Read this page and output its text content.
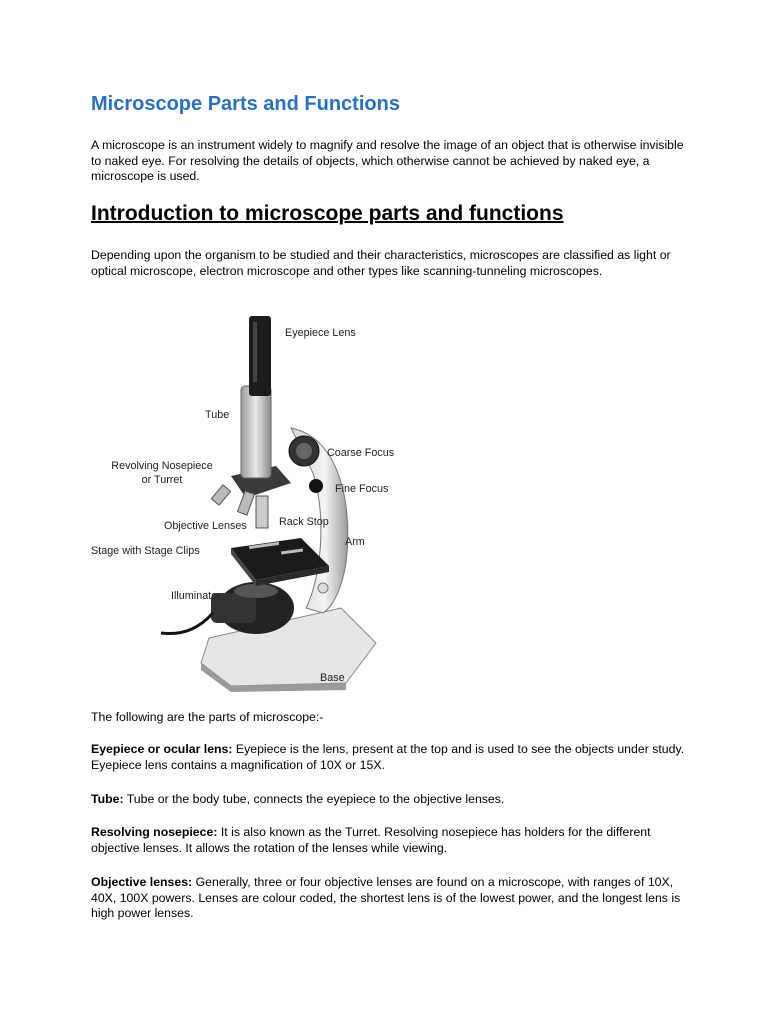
Microscope Parts and Functions

A microscope is an instrument widely to magnify and resolve the image of an object that is otherwise invisible to naked eye. For resolving the details of objects, which otherwise cannot be achieved by naked eye, a microscope is used.

Introduction to microscope parts and functions

Depending upon the organism to be studied and their characteristics, microscopes are classified as light or optical microscope, electron microscope and other types like scanning-tunneling microscopes.

Eyepiece Lens
Tube
Revolving Nosepiece
or Turret
Coarse Focus
Fine Focus
Objective Lenses	Rack Stop
Arm
Stage with Stage Clips
Illuminator
Base

The following are the parts of microscope:-

Eyepiece or ocular lens: Eyepiece is the lens, present at the top and is used to see the objects under study. Eyepiece lens contains a magnification of 10X or 15X.

Tube: Tube or the body tube, connects the eyepiece to the objective lenses.

Resolving nosepiece: It is also known as the Turret. Resolving nosepiece has holders for the different objective lenses. It allows the rotation of the lenses while viewing.

Objective lenses: Generally, three or four objective lenses are found on a microscope, with ranges of 10X, 40X, 100X powers. Lenses are colour coded, the shortest lens is of the lowest power, and the longest lens is high power lenses.
